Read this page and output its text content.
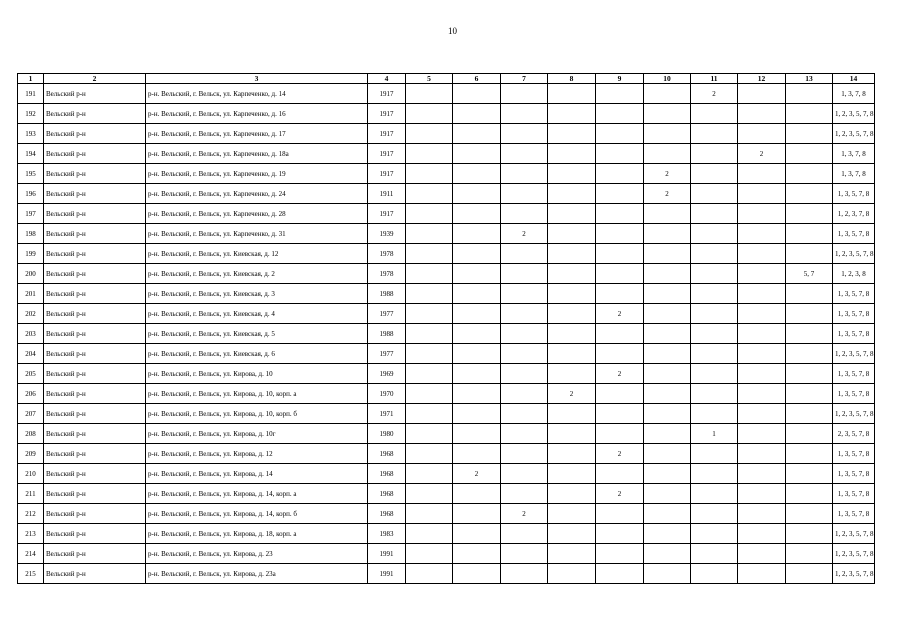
10
1	2	3	4	5	6	7	8	9	10	11	12	13	14
191	Вельский р-н	р-н. Вельский, г. Вельск, ул. Карпеченко, д. 14	1917							2			1, 3, 7, 8
192	Вельский р-н	р-н. Вельский, г. Вельск, ул. Карпеченко, д. 16	1917										1, 2, 3, 5, 7, 8
193	Вельский р-н	р-н. Вельский, г. Вельск, ул. Карпеченко, д. 17	1917										1, 2, 3, 5, 7, 8
194	Вельский р-н	р-н. Вельский, г. Вельск, ул. Карпеченко, д. 18а	1917								2		1, 3, 7, 8
195	Вельский р-н	р-н. Вельский, г. Вельск, ул. Карпеченко, д. 19	1917						2				1, 3, 7, 8
196	Вельский р-н	р-н. Вельский, г. Вельск, ул. Карпеченко, д. 24	1911						2				1, 3, 5, 7, 8
197	Вельский р-н	р-н. Вельский, г. Вельск, ул. Карпеченко, д. 28	1917										1, 2, 3, 7, 8
198	Вельский р-н	р-н. Вельский, г. Вельск, ул. Карпеченко, д. 31	1939			2							1, 3, 5, 7, 8
199	Вельский р-н	р-н. Вельский, г. Вельск, ул. Киевская, д. 12	1978										1, 2, 3, 5, 7, 8
200	Вельский р-н	р-н. Вельский, г. Вельск, ул. Киевская, д. 2	1978									5, 7	1, 2, 3, 8
201	Вельский р-н	р-н. Вельский, г. Вельск, ул. Киевская, д. 3	1988										1, 3, 5, 7, 8
202	Вельский р-н	р-н. Вельский, г. Вельск, ул. Киевская, д. 4	1977					2					1, 3, 5, 7, 8
203	Вельский р-н	р-н. Вельский, г. Вельск, ул. Киевская, д. 5	1988										1, 3, 5, 7, 8
204	Вельский р-н	р-н. Вельский, г. Вельск, ул. Киевская, д. 6	1977										1, 2, 3, 5, 7, 8
205	Вельский р-н	р-н. Вельский, г. Вельск, ул. Кирова, д. 10	1969					2					1, 3, 5, 7, 8
206	Вельский р-н	р-н. Вельский, г. Вельск, ул. Кирова, д. 10, корп. а	1970				2						1, 3, 5, 7, 8
207	Вельский р-н	р-н. Вельский, г. Вельск, ул. Кирова, д. 10, корп. б	1971										1, 2, 3, 5, 7, 8
208	Вельский р-н	р-н. Вельский, г. Вельск, ул. Кирова, д. 10г	1980							1			2, 3, 5, 7, 8
209	Вельский р-н	р-н. Вельский, г. Вельск, ул. Кирова, д. 12	1968					2					1, 3, 5, 7, 8
210	Вельский р-н	р-н. Вельский, г. Вельск, ул. Кирова, д. 14	1968		2								1, 3, 5, 7, 8
211	Вельский р-н	р-н. Вельский, г. Вельск, ул. Кирова, д. 14, корп. а	1968					2					1, 3, 5, 7, 8
212	Вельский р-н	р-н. Вельский, г. Вельск, ул. Кирова, д. 14, корп. б	1968			2							1, 3, 5, 7, 8
213	Вельский р-н	р-н. Вельский, г. Вельск, ул. Кирова, д. 18, корп. а	1983										1, 2, 3, 5, 7, 8
214	Вельский р-н	р-н. Вельский, г. Вельск, ул. Кирова, д. 23	1991										1, 2, 3, 5, 7, 8
215	Вельский р-н	р-н. Вельский, г. Вельск, ул. Кирова, д. 23а	1991										1, 2, 3, 5, 7, 8
